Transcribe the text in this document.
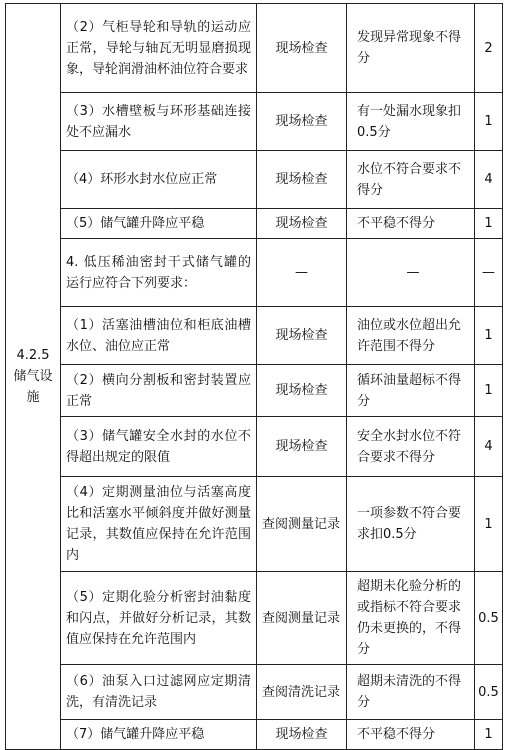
4.2.5
储气设施	（2）气柜导轮和导轨的运动应正常，导轮与轴瓦无明显磨损现象，导轮润滑油杯油位符合要求	现场检查	发现异常现象不得分	2
	（3）水槽壁板与环形基础连接处不应漏水	现场检查	有一处漏水现象扣0.5分	1
	（4）环形水封水位应正常	现场检查	水位不符合要求不得分	4
	（5）储气罐升降应平稳	现场检查	不平稳不得分	1
	4. 低压稀油密封干式储气罐的运行应符合下列要求：	—	—	—
	（1）活塞油槽油位和柜底油槽水位、油位应正常	现场检查	油位或水位超出允许范围不得分	1
	（2）横向分割板和密封装置应正常	现场检查	循环油量超标不得分	1
	（3）储气罐安全水封的水位不得超出规定的限值	现场检查	安全水封水位不符合要求不得分	4
	（4）定期测量油位与活塞高度比和活塞水平倾斜度并做好测量记录，其数值应保持在允许范围内	查阅测量记录	一项参数不符合要求扣0.5分	1
	（5）定期化验分析密封油黏度和闪点，并做好分析记录，其数值应保持在允许范围内	查阅测量记录	超期未化验分析的或指标不符合要求仍未更换的，不得分	0.5
	（6）油泵入口过滤网应定期清洗，有清洗记录	查阅清洗记录	超期未清洗的不得分	0.5
	（7）储气罐升降应平稳	现场检查	不平稳不得分	1
